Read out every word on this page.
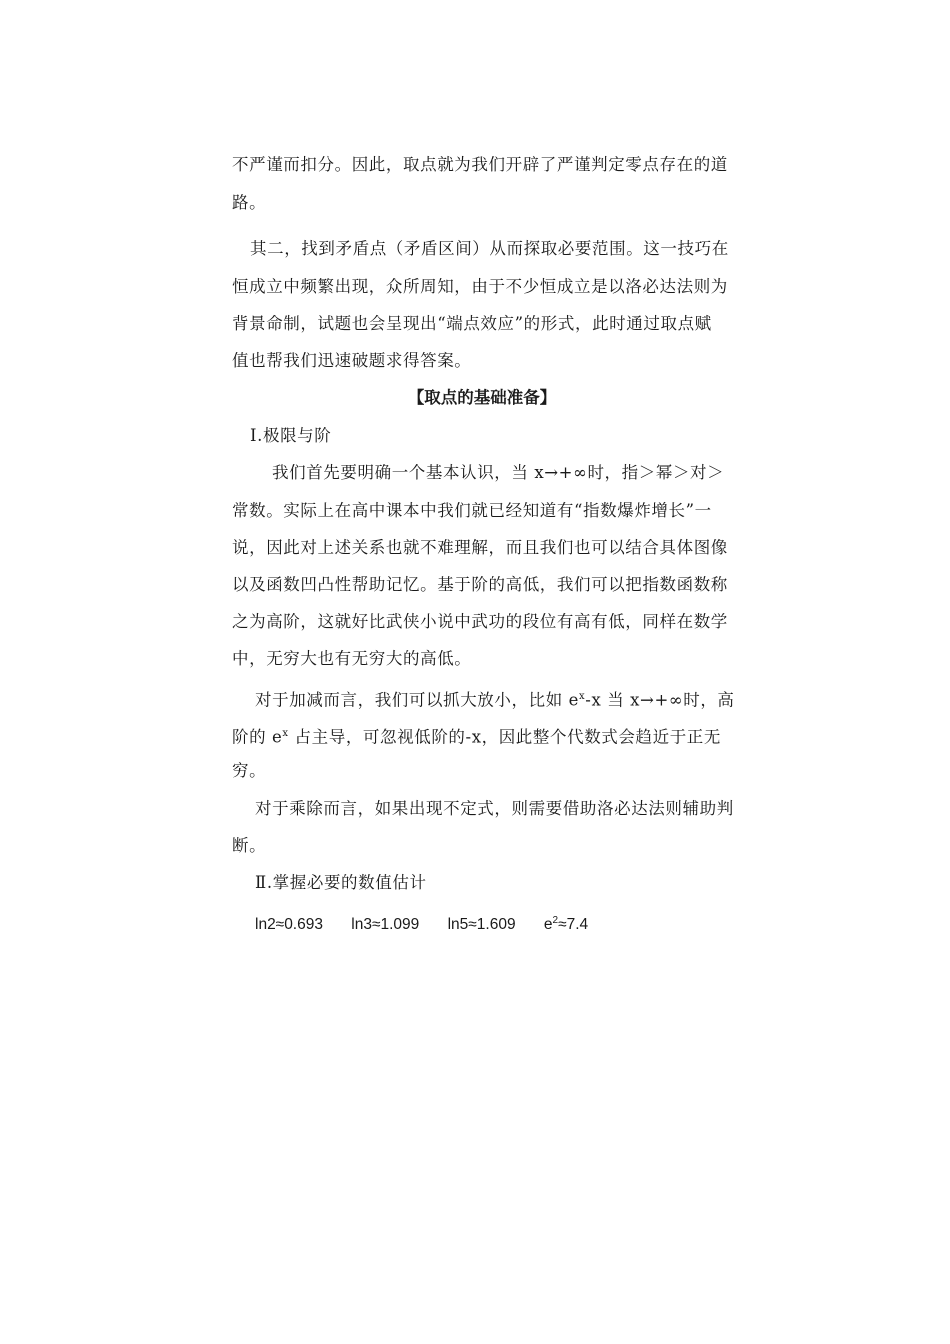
不严谨而扣分。因此，取点就为我们开辟了严谨判定零点存在的道
路。
其二，找到矛盾点（矛盾区间）从而探取必要范围。这一技巧在
恒成立中频繁出现，众所周知，由于不少恒成立是以洛必达法则为
背景命制，试题也会呈现出“端点效应”的形式，此时通过取点赋
值也帮我们迅速破题求得答案。
【取点的基础准备】
Ⅰ.极限与阶
我们首先要明确一个基本认识，当 x→+∞时，指＞幂＞对＞
常数。实际上在高中课本中我们就已经知道有“指数爆炸增长”一
说，因此对上述关系也就不难理解，而且我们也可以结合具体图像
以及函数凹凸性帮助记忆。基于阶的高低，我们可以把指数函数称
之为高阶，这就好比武侠小说中武功的段位有高有低，同样在数学
中，无穷大也有无穷大的高低。
对于加减而言，我们可以抓大放小，比如 $e^x-x$ 当 x→+∞时，高
阶的 $e^x$ 占主导，可忽视低阶的-x，因此整个代数式会趋近于正无
穷。
对于乘除而言，如果出现不定式，则需要借助洛必达法则辅助判
断。
Ⅱ.掌握必要的数值估计
ln2≈0.693 ln3≈1.099 ln5≈1.609 $e^2\approx 7.4$
